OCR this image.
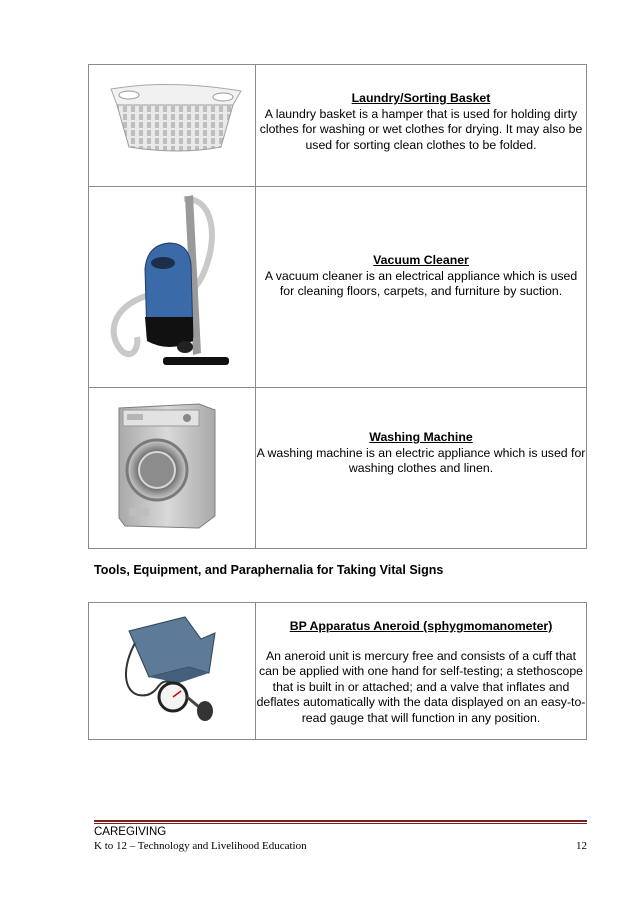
Laundry/Sorting Basket
A laundry basket is a hamper that is used for holding dirty clothes for washing or wet clothes for drying. It may also be used for sorting clean clothes to be folded.

Vacuum Cleaner
A vacuum cleaner is an electrical appliance which is used for cleaning floors, carpets, and furniture by suction.

Washing Machine
A washing machine is an electric appliance which is used for washing clothes and linen.
Tools, Equipment, and Paraphernalia for Taking Vital Signs

BP Apparatus Aneroid (sphygmomanometer)
An aneroid unit is mercury free and consists of a cuff that can be applied with one hand for self-testing; a stethoscope that is built in or attached; and a valve that inflates and deflates automatically with the data displayed on an easy-to-read gauge that will function in any position.
CAREGIVING
K to 12 – Technology and Livelihood Education	12
